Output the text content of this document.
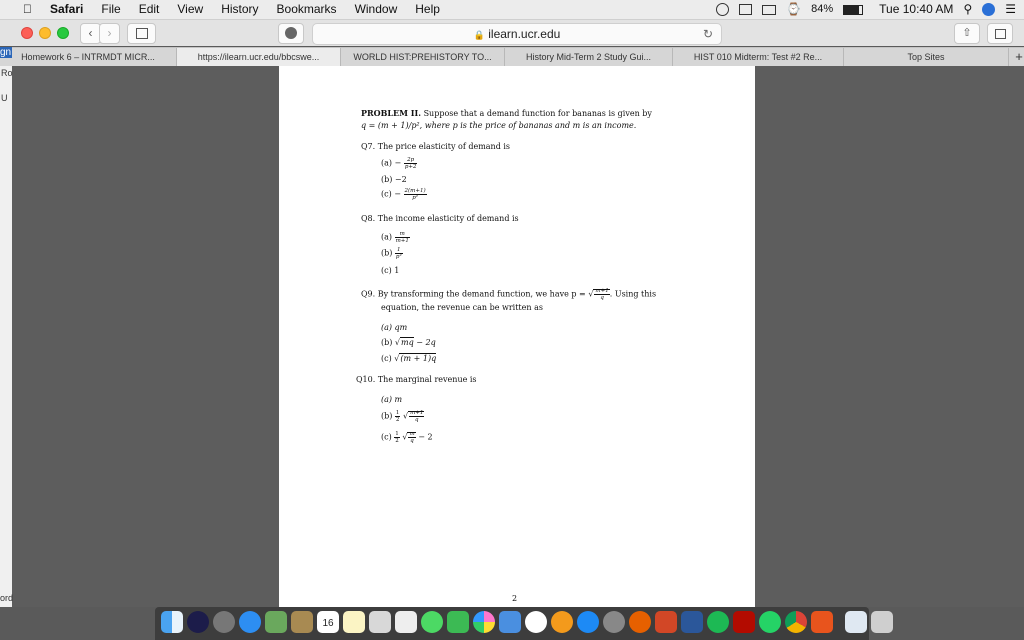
Safari	File	Edit	View	History	Bookmarks	Window	Help	⌚ 84%	Tue 10:40 AM ⚲	☰
‹	›	🔒 ilearn.ucr.edu	↻	⇧
Homework 6 – INTRMDT MICR...	https://ilearn.ucr.edu/bbcswe...	WORLD HIST:PREHISTORY TO...	History Mid-Term 2 Study Gui...	HIST 010 Midterm: Test #2 Re...	Top Sites	+
gn
Ro
U
ord
PROBLEM II. Suppose that a demand function for bananas is given by
q = (m + 1)/p², where p is the price of bananas and m is an income.
Q7. The price elasticity of demand is
$(a) - \frac{2p}{p+2}$
(b) −2
$(c) - \frac{2(m+1)}{\text{p²}}$
Q8. The income elasticity of demand is
$(a) \frac{m}{m+1}$
$(b) \frac{1}{\text{p²}}$
(c) 1
Q9. By transforming the demand function, we have p = √ $\frac{m+1}{q}$ . Using this
equation, the revenue can be written as
(a) qm
(b) √mq − 2q
(c) √(m + 1)q
Q10. The marginal revenue is
(a) m
$(b) \frac{1}{2}$ √ $\frac{m+1}{q}$
$(c) \frac{1}{2}$ √ $\frac{m}{q} - 2$
2
16
